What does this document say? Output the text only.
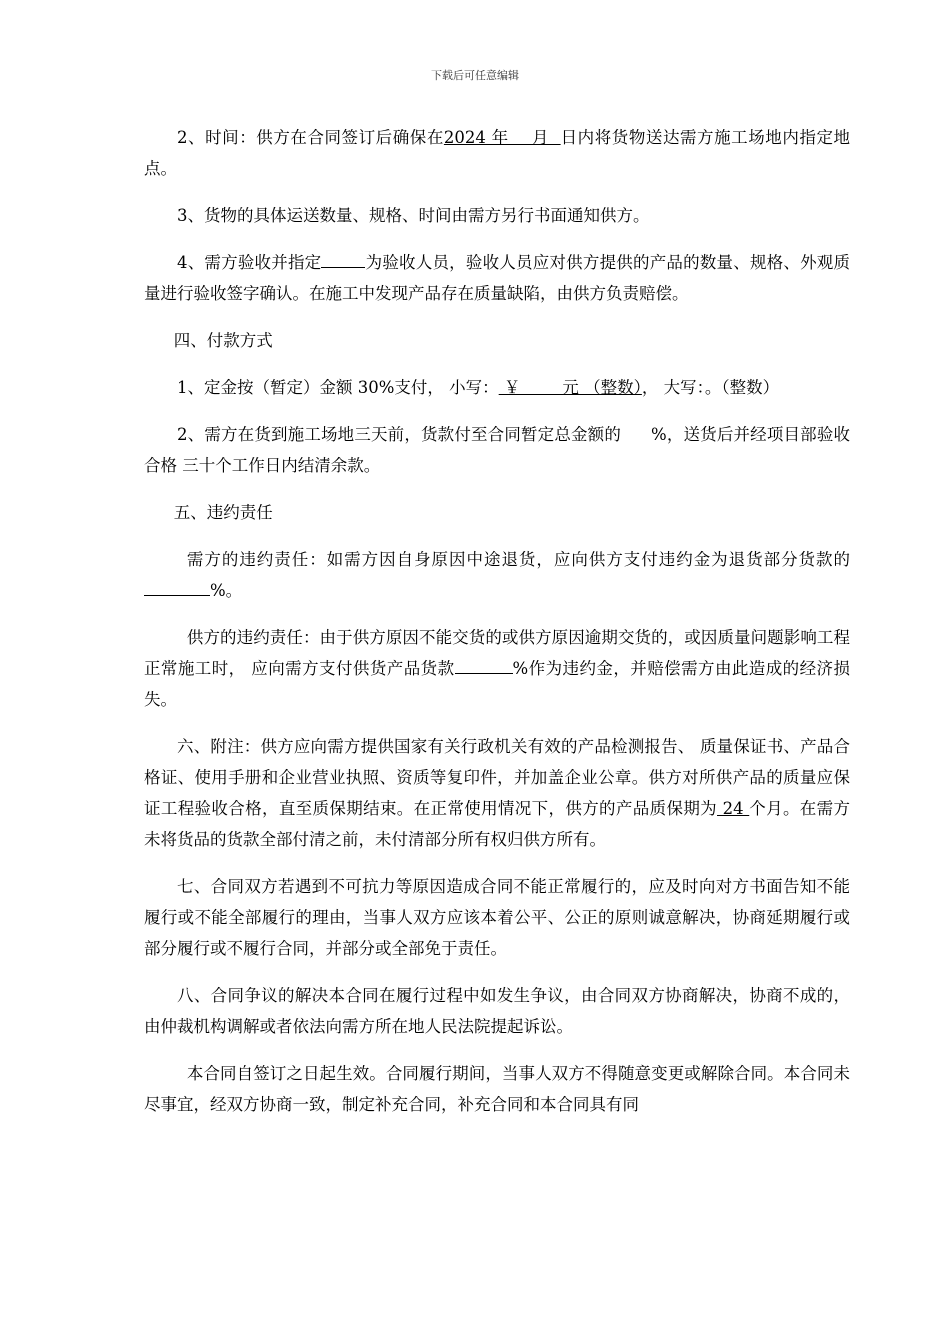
下载后可任意编辑

2、时间：供方在合同签订后确保在2024 年    月  日内将货物送达需方施工场地内指定地点。

3、货物的具体运送数量、规格、时间由需方另行书面通知供方。

4、需方验收并指定	为验收人员，验收人员应对供方提供的产品的数量、规格、外观质量进行验收签字确认。在施工中发现产品存在质量缺陷，由供方负责赔偿。

四、付款方式

1、定金按（暂定）金额 30%支付， 小写： ￥        元 （整数）， 大写：。（整数）

2、需方在货到施工场地三天前，货款付至合同暂定总金额的 %，送货后并经项目部验收合格 三十个工作日内结清余款。

五、违约责任

需方的违约责任：如需方因自身原因中途退货，应向供方支付违约金为退货部分货款的%。

供方的违约责任：由于供方原因不能交货的或供方原因逾期交货的，或因质量问题影响工程正常施工时， 应向需方支付供货产品货款	%作为违约金，并赔偿需方由此造成的经济损失。

六、附注：供方应向需方提供国家有关行政机关有效的产品检测报告、 质量保证书、产品合格证、使用手册和企业营业执照、资质等复印件，并加盖企业公章。供方对所供产品的质量应保证工程验收合格，直至质保期结束。在正常使用情况下，供方的产品质保期为 24 个月。在需方未将货品的货款全部付清之前，未付清部分所有权归供方所有。

七、合同双方若遇到不可抗力等原因造成合同不能正常履行的，应及时向对方书面告知不能履行或不能全部履行的理由，当事人双方应该本着公平、公正的原则诚意解决，协商延期履行或部分履行或不履行合同，并部分或全部免于责任。

八、合同争议的解决本合同在履行过程中如发生争议，由合同双方协商解决，协商不成的，由仲裁机构调解或者依法向需方所在地人民法院提起诉讼。

本合同自签订之日起生效。合同履行期间，当事人双方不得随意变更或解除合同。本合同未尽事宜，经双方协商一致，制定补充合同，补充合同和本合同具有同
